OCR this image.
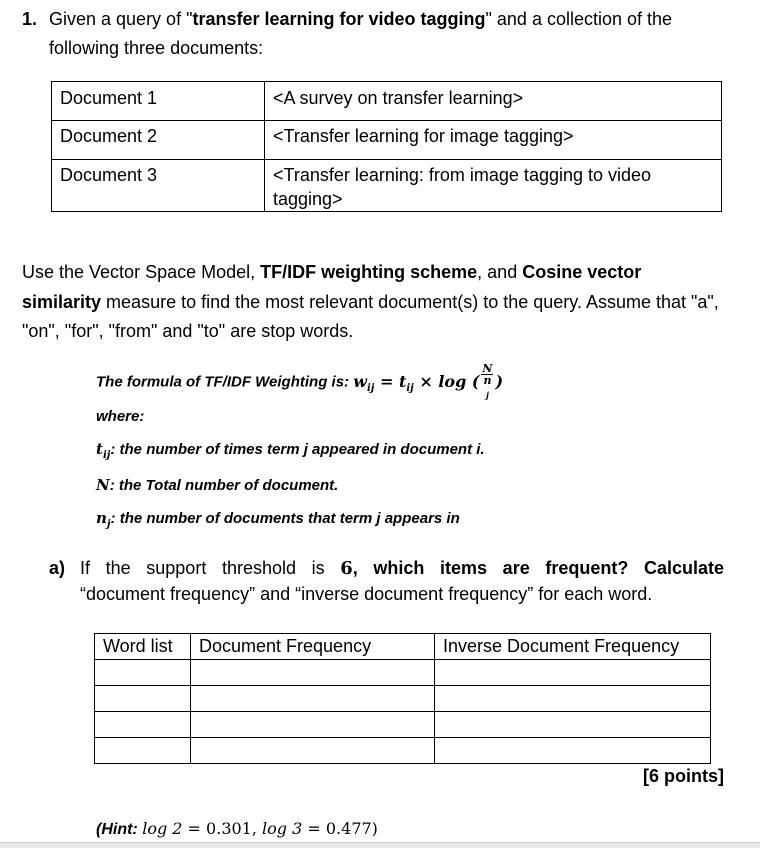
1. Given a query of "transfer learning for video tagging" and a collection of the
following three documents:
Document 1	<A survey on transfer learning>
Document 2	<Transfer learning for image tagging>
Document 3	<Transfer learning: from image tagging to video tagging>
Use the Vector Space Model, TF/IDF weighting scheme, and Cosine vector similarity measure to find the most relevant document(s) to the query. Assume that "a", "on", "for", "from" and "to" are stop words.
The formula of TF/IDF Weighting is: $w_{ij} = t_{ij} \times \log$ ( N
n
$_j$ )
where:
$t_{ij}$: the number of times term j appeared in document i.
N: the Total number of document.
$n_j$: the number of documents that term j appears in
a) If the support threshold is 6, which items are frequent? Calculate
“document frequency” and “inverse document frequency” for each word.
Word list	Document Frequency	Inverse Document Frequency

[6 points]
(Hint: log 2 = 0.301, log 3 = 0.477)
